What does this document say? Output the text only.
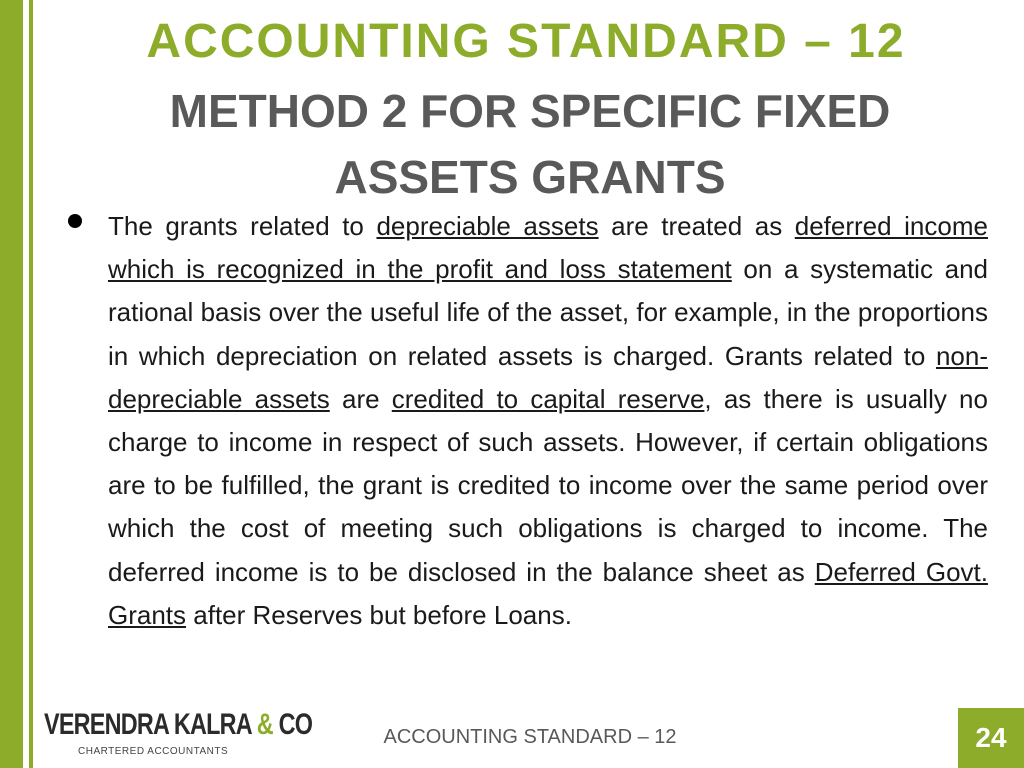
ACCOUNTING STANDARD – 12
METHOD 2 FOR SPECIFIC FIXED
ASSETS GRANTS

The grants related to depreciable assets are treated as deferred income which is recognized in the profit and loss statement on a systematic and rational basis over the useful life of the asset, for example, in the proportions in which depreciation on related assets is charged. Grants related to non-depreciable assets are credited to capital reserve, as there is usually no charge to income in respect of such assets. However, if certain obligations are to be fulfilled, the grant is credited to income over the same period over which the cost of meeting such obligations is charged to income. The deferred income is to be disclosed in the balance sheet as Deferred Govt. Grants after Reserves but before Loans.

VERENDRA KALRA & CO
CHARTERED ACCOUNTANTS
ACCOUNTING STANDARD – 12	24
